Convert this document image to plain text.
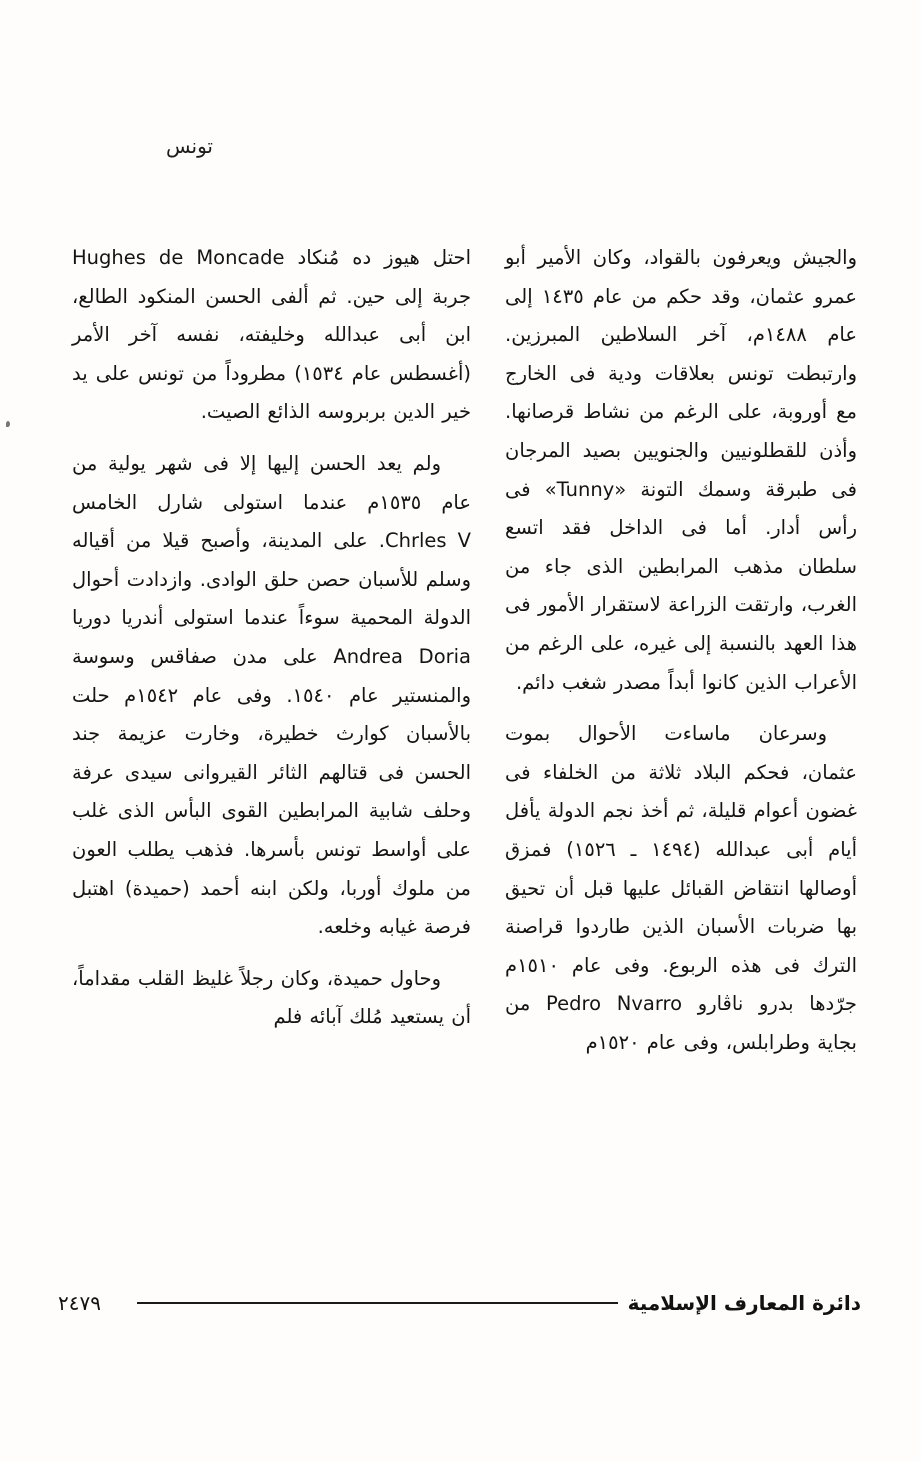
تونس

والجيش ويعرفون بالقواد، وكان الأمير أبو عمرو عثمان، وقد حكم من عام ١٤٣٥ إلى عام ١٤٨٨م، آخر السلاطين المبرزين. وارتبطت تونس بعلاقات ودية فى الخارج مع أوروبة، على الرغم من نشاط قرصانها. وأذن للقطلونيين والجنويين بصيد المرجان فى طبرقة وسمك التونة «Tunny» فى رأس أدار. أما فى الداخل فقد اتسع سلطان مذهب المرابطين الذى جاء من الغرب، وارتقت الزراعة لاستقرار الأمور فى هذا العهد بالنسبة إلى غيره، على الرغم من الأعراب الذين كانوا أبداً مصدر شغب دائم.

وسرعان ماساءت الأحوال بموت عثمان، فحكم البلاد ثلاثة من الخلفاء فى غضون أعوام قليلة، ثم أخذ نجم الدولة يأفل أيام أبى عبدالله (١٤٩٤ ـ ١٥٢٦) فمزق أوصالها انتقاض القبائل عليها قبل أن تحيق بها ضربات الأسبان الذين طاردوا قراصنة الترك فى هذه الربوع. وفى عام ١٥١٠م جرّدها بدرو ناڤارو Pedro Nvarro من بجاية وطرابلس، وفى عام ١٥٢٠م

احتل هيوز ده مُنكاد Hughes de Moncade جربة إلى حين. ثم ألفى الحسن المنكود الطالع، ابن أبى عبدالله وخليفته، نفسه آخر الأمر (أغسطس عام ١٥٣٤) مطروداً من تونس على يد خير الدين بربروسه الذائع الصيت.

ولم يعد الحسن إليها إلا فى شهر يولية من عام ١٥٣٥م عندما استولى شارل الخامس Chrles V. على المدينة، وأصبح قيلا من أقياله وسلم للأسبان حصن حلق الوادى. وازدادت أحوال الدولة المحمية سوءاً عندما استولى أندريا دوريا Andrea Doria على مدن صفاقس وسوسة والمنستير عام ١٥٤٠. وفى عام ١٥٤٢م حلت بالأسبان كوارث خطيرة، وخارت عزيمة جند الحسن فى قتالهم الثائر القيروانى سيدى عرفة وحلف شابية المرابطين القوى البأس الذى غلب على أواسط تونس بأسرها. فذهب يطلب العون من ملوك أوربا، ولكن ابنه أحمد (حميدة) اهتبل فرصة غيابه وخلعه.

وحاول حميدة، وكان رجلاً غليظ القلب مقداماً، أن يستعيد مُلك آبائه فلم

دائرة المعارف الإسلامية
٢٤٧٩
